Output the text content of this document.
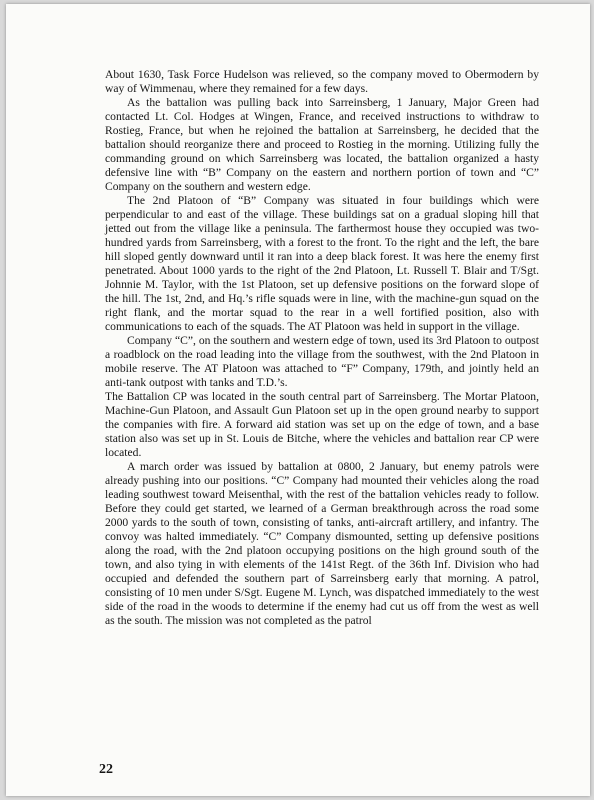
About 1630, Task Force Hudelson was relieved, so the company moved to Obermodern by way of Wimmenau, where they remained for a few days.

As the battalion was pulling back into Sarreinsberg, 1 January, Major Green had contacted Lt. Col. Hodges at Wingen, France, and received instructions to withdraw to Rostieg, France, but when he rejoined the battalion at Sarreinsberg, he decided that the battalion should reorganize there and proceed to Rostieg in the morning. Utilizing fully the commanding ground on which Sarreinsberg was located, the battalion organized a hasty defensive line with “B” Company on the eastern and northern portion of town and “C” Company on the southern and western edge.

The 2nd Platoon of “B” Company was situated in four buildings which were perpendicular to and east of the village. These buildings sat on a gradual sloping hill that jetted out from the village like a peninsula. The farthermost house they occupied was two-hundred yards from Sarreinsberg, with a forest to the front. To the right and the left, the bare hill sloped gently downward until it ran into a deep black forest. It was here the enemy first penetrated. About 1000 yards to the right of the 2nd Platoon, Lt. Russell T. Blair and T/Sgt. Johnnie M. Taylor, with the 1st Platoon, set up defensive positions on the forward slope of the hill. The 1st, 2nd, and Hq.’s rifle squads were in line, with the machine-gun squad on the right flank, and the mortar squad to the rear in a well fortified position, also with communications to each of the squads. The AT Platoon was held in support in the village.

Company “C”, on the southern and western edge of town, used its 3rd Platoon to outpost a roadblock on the road leading into the village from the southwest, with the 2nd Platoon in mobile reserve. The AT Platoon was attached to “F” Company, 179th, and jointly held an anti-tank outpost with tanks and T.D.’s.

The Battalion CP was located in the south central part of Sarreinsberg. The Mortar Platoon, Machine-Gun Platoon, and Assault Gun Platoon set up in the open ground nearby to support the companies with fire. A forward aid station was set up on the edge of town, and a base station also was set up in St. Louis de Bitche, where the vehicles and battalion rear CP were located.

A march order was issued by battalion at 0800, 2 January, but enemy patrols were already pushing into our positions. “C” Company had mounted their vehicles along the road leading southwest toward Meisenthal, with the rest of the battalion vehicles ready to follow. Before they could get started, we learned of a German breakthrough across the road some 2000 yards to the south of town, consisting of tanks, anti-aircraft artillery, and infantry. The convoy was halted immediately. “C” Company dismounted, setting up defensive positions along the road, with the 2nd platoon occupying positions on the high ground south of the town, and also tying in with elements of the 141st Regt. of the 36th Inf. Division who had occupied and defended the southern part of Sarreinsberg early that morning. A patrol, consisting of 10 men under S/Sgt. Eugene M. Lynch, was dispatched immediately to the west side of the road in the woods to determine if the enemy had cut us off from the west as well as the south. The mission was not completed as the patrol

22
